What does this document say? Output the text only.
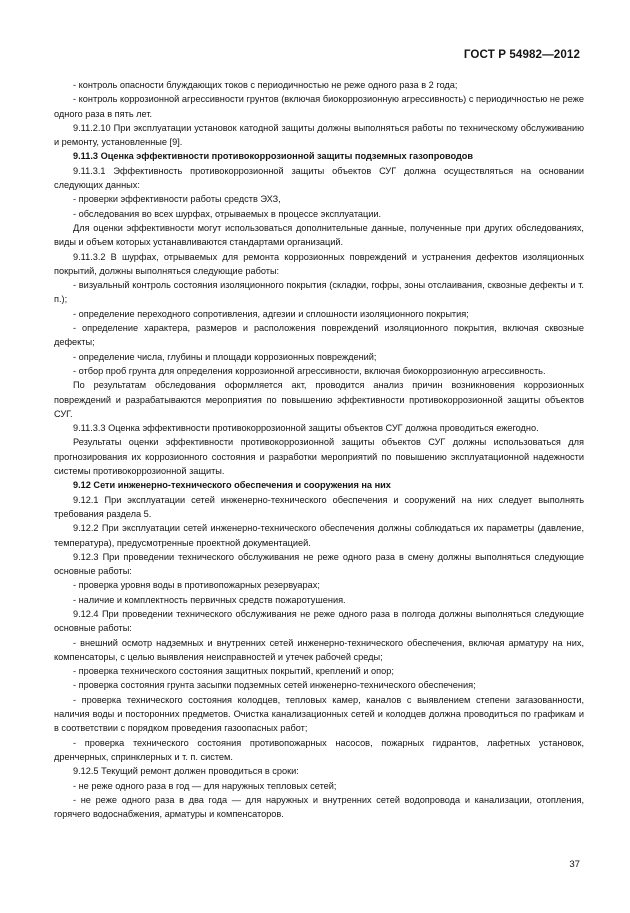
ГОСТ Р 54982—2012

- контроль опасности блуждающих токов с периодичностью не реже одного раза в 2 года;

- контроль коррозионной агрессивности грунтов (включая биокоррозионную агрессивность) с периодичностью не реже одного раза в пять лет.

9.11.2.10 При эксплуатации установок катодной защиты должны выполняться работы по техническому обслуживанию и ремонту, установленные [9].

9.11.3 Оценка эффективности противокоррозионной защиты подземных газопроводов

9.11.3.1 Эффективность противокоррозионной защиты объектов СУГ должна осуществляться на основании следующих данных:

- проверки эффективности работы средств ЭХЗ,

- обследования во всех шурфах, отрываемых в процессе эксплуатации.

Для оценки эффективности могут использоваться дополнительные данные, полученные при других обследованиях, виды и объем которых устанавливаются стандартами организаций.

9.11.3.2 В шурфах, отрываемых для ремонта коррозионных повреждений и устранения дефектов изоляционных покрытий, должны выполняться следующие работы:

- визуальный контроль состояния изоляционного покрытия (складки, гофры, зоны отслаивания, сквозные дефекты и т. п.);

- определение переходного сопротивления, адгезии и сплошности изоляционного покрытия;

- определение характера, размеров и расположения повреждений изоляционного покрытия, включая сквозные дефекты;

- определение числа, глубины и площади коррозионных повреждений;

- отбор проб грунта для определения коррозионной агрессивности, включая биокоррозионную агрессивность.

По результатам обследования оформляется акт, проводится анализ причин возникновения коррозионных повреждений и разрабатываются мероприятия по повышению эффективности противокоррозионной защиты объектов СУГ.

9.11.3.3 Оценка эффективности противокоррозионной защиты объектов СУГ должна проводиться ежегодно.

Результаты оценки эффективности противокоррозионной защиты объектов СУГ должны использоваться для прогнозирования их коррозионного состояния и разработки мероприятий по повышению эксплуатационной надежности системы противокоррозионной защиты.

9.12 Сети инженерно-технического обеспечения и сооружения на них

9.12.1 При эксплуатации сетей инженерно-технического обеспечения и сооружений на них следует выполнять требования раздела 5.

9.12.2 При эксплуатации сетей инженерно-технического обеспечения должны соблюдаться их параметры (давление, температура), предусмотренные проектной документацией.

9.12.3 При проведении технического обслуживания не реже одного раза в смену должны выполняться следующие основные работы:

- проверка уровня воды в противопожарных резервуарах;

- наличие и комплектность первичных средств пожаротушения.

9.12.4 При проведении технического обслуживания не реже одного раза в полгода должны выполняться следующие основные работы:

- внешний осмотр надземных и внутренних сетей инженерно-технического обеспечения, включая арматуру на них, компенсаторы, с целью выявления неисправностей и утечек рабочей среды;

- проверка технического состояния защитных покрытий, креплений и опор;

- проверка состояния грунта засыпки подземных сетей инженерно-технического обеспечения;

- проверка технического состояния колодцев, тепловых камер, каналов с выявлением степени загазованности, наличия воды и посторонних предметов. Очистка канализационных сетей и колодцев должна проводиться по графикам и в соответствии с порядком проведения газоопасных работ;

- проверка технического состояния противопожарных насосов, пожарных гидрантов, лафетных установок, дренчерных, спринклерных и т. п. систем.

9.12.5 Текущий ремонт должен проводиться в сроки:

- не реже одного раза в год — для наружных тепловых сетей;

- не реже одного раза в два года — для наружных и внутренних сетей водопровода и канализации, отопления, горячего водоснабжения, арматуры и компенсаторов.

37
